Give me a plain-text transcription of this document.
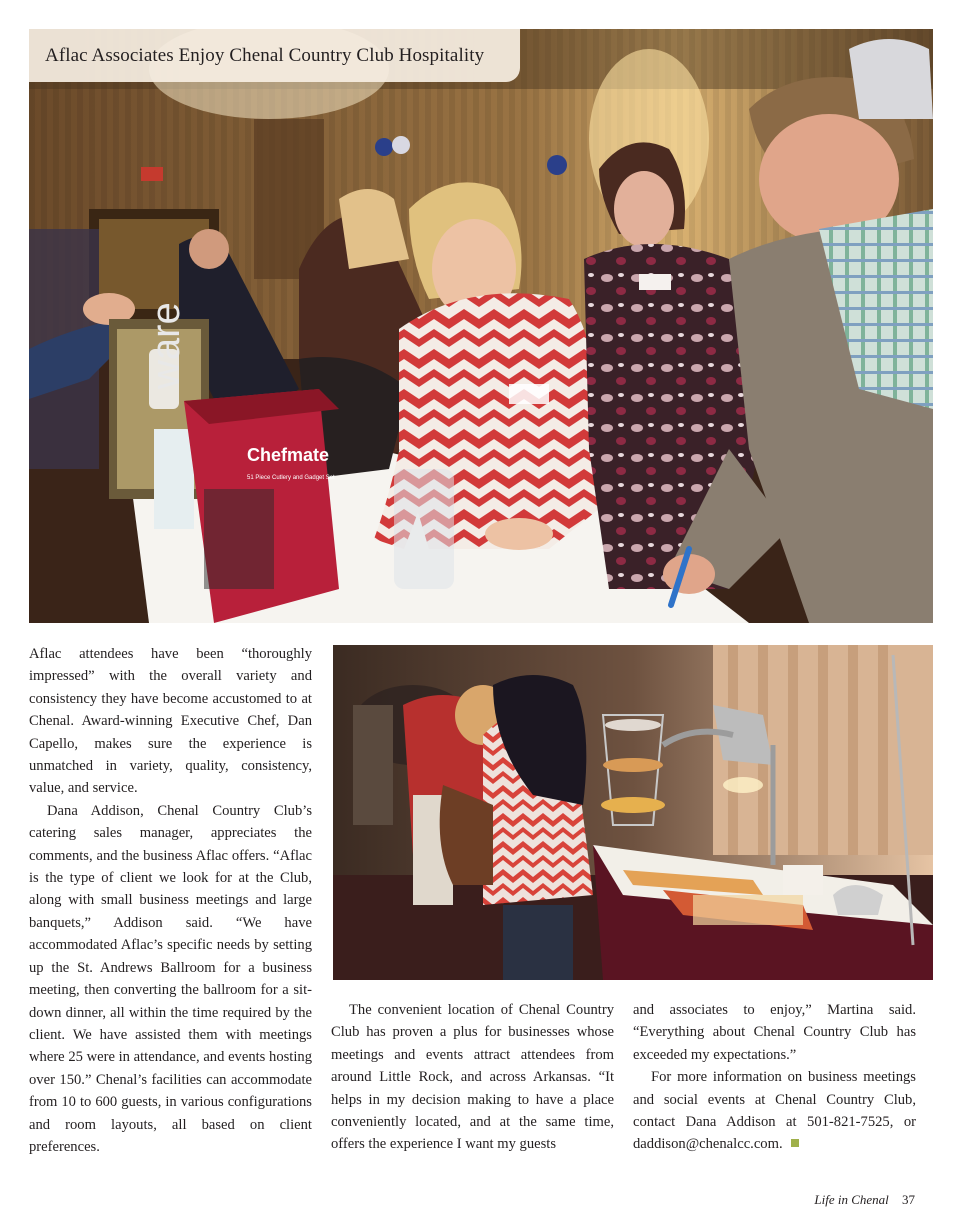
ware
Chefmate
51 Piece Cutlery and Gadget Set
Aflac Associates Enjoy Chenal Country Club Hospitality

Aflac attendees have been “thoroughly impressed” with the overall variety and consistency they have become accustomed to at Chenal. Award-winning Executive Chef, Dan Capello, makes sure the experience is unmatched in variety, quality, consistency, value, and service.

Dana Addison, Chenal Country Club’s catering sales manager, appreciates the comments, and the business Aflac offers. “Aflac is the type of client we look for at the Club, along with small business meetings and large banquets,” Addison said. “We have accommodated Aflac’s specific needs by setting up the St. Andrews Ballroom for a business meeting, then converting the ballroom for a sit-down dinner, all within the time required by the client. We have assisted them with meetings where 25 were in attendance, and events hosting over 150.” Chenal’s facilities can accommodate from 10 to 600 guests, in various configurations and room layouts, all based on client preferences.

The convenient location of Chenal Country Club has proven a plus for businesses whose meetings and events attract attendees from around Little Rock, and across Arkansas. “It helps in my decision making to have a place conveniently located, and at the same time, offers the experience I want my guests

and associates to enjoy,” Martina said. “Everything about Chenal Country Club has exceeded my expectations.”

For more information on business meetings and social events at Chenal Country Club, contact Dana Addison at 501-821-7525, or daddison@chenalcc.com.

Life in Chenal 37
